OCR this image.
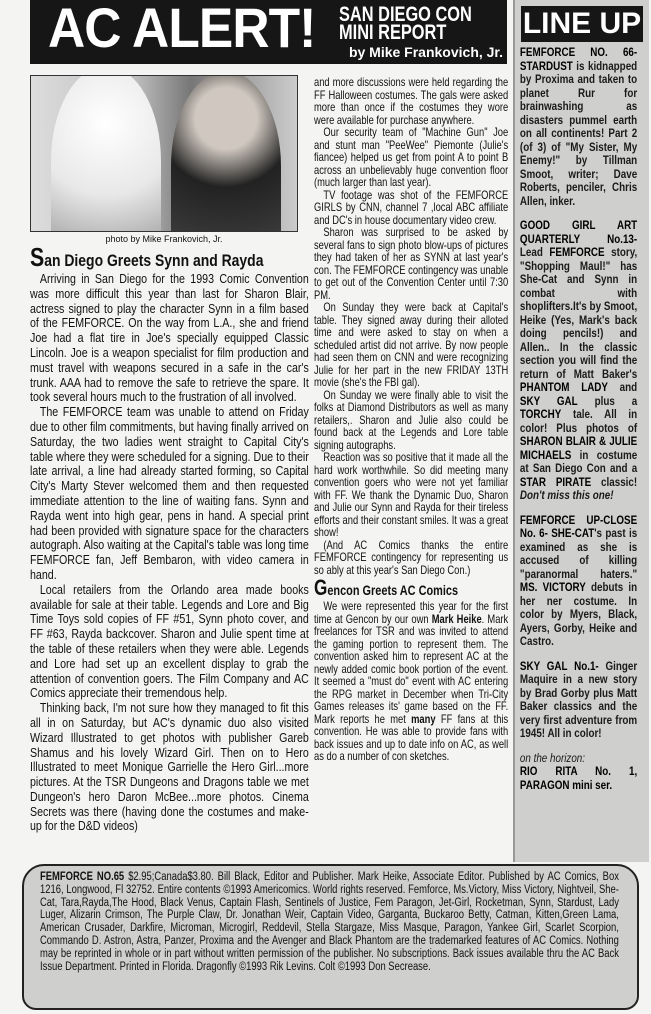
AC ALERT! SAN DIEGO CON
MINI REPORT
by Mike Frankovich, Jr.
photo by Mike Frankovich, Jr.
San Diego Greets Synn and Rayda

Arriving in San Diego for the 1993 Comic Convention was more difficult this year than last for Sharon Blair, actress signed to play the character Synn in a film based of the FEMFORCE. On the way from L.A., she and friend Joe had a flat tire in Joe's specially equipped Classic Lincoln. Joe is a weapon specialist for film production and must travel with weapons secured in a safe in the car's trunk. AAA had to remove the safe to retrieve the spare. It took several hours much to the frustration of all involved.

The FEMFORCE team was unable to attend on Friday due to other film commitments, but having finally arrived on Saturday, the two ladies went straight to Capital City's table where they were scheduled for a signing. Due to their late arrival, a line had already started forming, so Capital City's Marty Stever welcomed them and then requested immediate attention to the line of waiting fans. Synn and Rayda went into high gear, pens in hand. A special print had been provided with signature space for the characters autograph. Also waiting at the Capital's table was long time FEMFORCE fan, Jeff Bembaron, with video camera in hand.

Local retailers from the Orlando area made books available for sale at their table. Legends and Lore and Big Time Toys sold copies of FF #51, Synn photo cover, and FF #63, Rayda backcover. Sharon and Julie spent time at the table of these retailers when they were able. Legends and Lore had set up an excellent display to grab the attention of convention goers. The Film Company and AC Comics appreciate their tremendous help.

Thinking back, I'm not sure how they managed to fit this all in on Saturday, but AC's dynamic duo also visited Wizard Illustrated to get photos with publisher Gareb Shamus and his lovely Wizard Girl. Then on to Hero Illustrated to meet Monique Garrielle the Hero Girl...more pictures. At the TSR Dungeons and Dragons table we met Dungeon's hero Daron McBee...more photos. Cinema Secrets was there (having done the costumes and make-up for the D&D videos)

and more discussions were held regarding the FF Halloween costumes. The gals were asked more than once if the costumes they wore were available for purchase anywhere.

Our security team of "Machine Gun" Joe and stunt man "PeeWee" Piemonte (Julie's fiancee) helped us get from point A to point B across an unbelievably huge convention floor (much larger than last year).

TV footage was shot of the FEMFORCE GIRLS by CNN, channel 7 ,local ABC affiliate and DC's in house documentary video crew.

Sharon was surprised to be asked by several fans to sign photo blow-ups of pictures they had taken of her as SYNN at last year's con. The FEMFORCE contingency was unable to get out of the Convention Center until 7:30 PM.

On Sunday they were back at Capital's table. They signed away during their alloted time and were asked to stay on when a scheduled artist did not arrive. By now people had seen them on CNN and were recognizing Julie for her part in the new FRIDAY 13TH movie (she's the FBI gal).

On Sunday we were finally able to visit the folks at Diamond Distributors as well as many retailers,. Sharon and Julie also could be found back at the Legends and Lore table signing autographs.

Reaction was so positive that it made all the hard work worthwhile. So did meeting many convention goers who were not yet familiar with FF. We thank the Dynamic Duo, Sharon and Julie our Synn and Rayda for their tireless efforts and their constant smiles. It was a great show!

(And AC Comics thanks the entire FEMFORCE contingency for representing us so ably at this year's San Diego Con.)

Gencon Greets AC Comics

We were represented this year for the first time at Gencon by our own Mark Heike. Mark freelances for TSR and was invited to attend the gaming portion to represent them. The convention asked him to represent AC at the newly added comic book portion of the event. It seemed a "must do" event with AC entering the RPG market in December when Tri-City Games releases its' game based on the FF. Mark reports he met many FF fans at this convention. He was able to provide fans with back issues and up to date info on AC, as well as do a number of con sketches.

LINE UP
FEMFORCE NO. 66- STARDUST is kidnapped by Proxima and taken to planet Rur for brainwashing as disasters pummel earth on all continents! Part 2 (of 3) of "My Sister, My Enemy!" by Tillman Smoot, writer; Dave Roberts, penciler, Chris Allen, inker.
GOOD GIRL ART QUARTERLY No.13- Lead FEMFORCE story, "Shopping Maul!" has She-Cat and Synn in combat with shoplifters.It's by Smoot, Heike (Yes, Mark's back doing pencils!) and Allen.. In the classic section you will find the return of Matt Baker's PHANTOM LADY and SKY GAL plus a TORCHY tale. All in color! Plus photos of SHARON BLAIR & JULIE MICHAELS in costume at San Diego Con and a STAR PIRATE classic! Don't miss this one!
FEMFORCE UP-CLOSE No. 6- SHE-CAT's past is examined as she is accused of killing "paranormal haters." MS. VICTORY debuts in her ner costume. In color by Myers, Black, Ayers, Gorby, Heike and Castro.
SKY GAL No.1- Ginger Maquire in a new story by Brad Gorby plus Matt Baker classics and the very first adventure from 1945! All in color!
on the horizon:
RIO RITA No. 1, PARAGON mini ser.
FEMFORCE NO.65 $2.95;Canada$3.80. Bill Black, Editor and Publisher. Mark Heike, Associate Editor. Published by AC Comics, Box 1216, Longwood, Fl 32752. Entire contents ©1993 Americomics. World rights reserved. Femforce, Ms.Victory, Miss Victory, Nightveil, She-Cat, Tara,Rayda,The Hood, Black Venus, Captain Flash, Sentinels of Justice, Fem Paragon, Jet-Girl, Rocketman, Synn, Stardust, Lady Luger, Alizarin Crimson, The Purple Claw, Dr. Jonathan Weir, Captain Video, Garganta, Buckaroo Betty, Catman, Kitten,Green Lama, American Crusader, Darkfire, Microman, Microgirl, Reddevil, Stella Stargaze, Miss Masque, Paragon, Yankee Girl, Scarlet Scorpion, Commando D. Astron, Astra, Panzer, Proxima and the Avenger and Black Phantom are the trademarked features of AC Comics. Nothing may be reprinted in whole or in part without written permission of the publisher. No subscriptions. Back issues available thru the AC Back Issue Department. Printed in Florida. Dragonfly ©1993 Rik Levins. Colt ©1993 Don Secrease.
